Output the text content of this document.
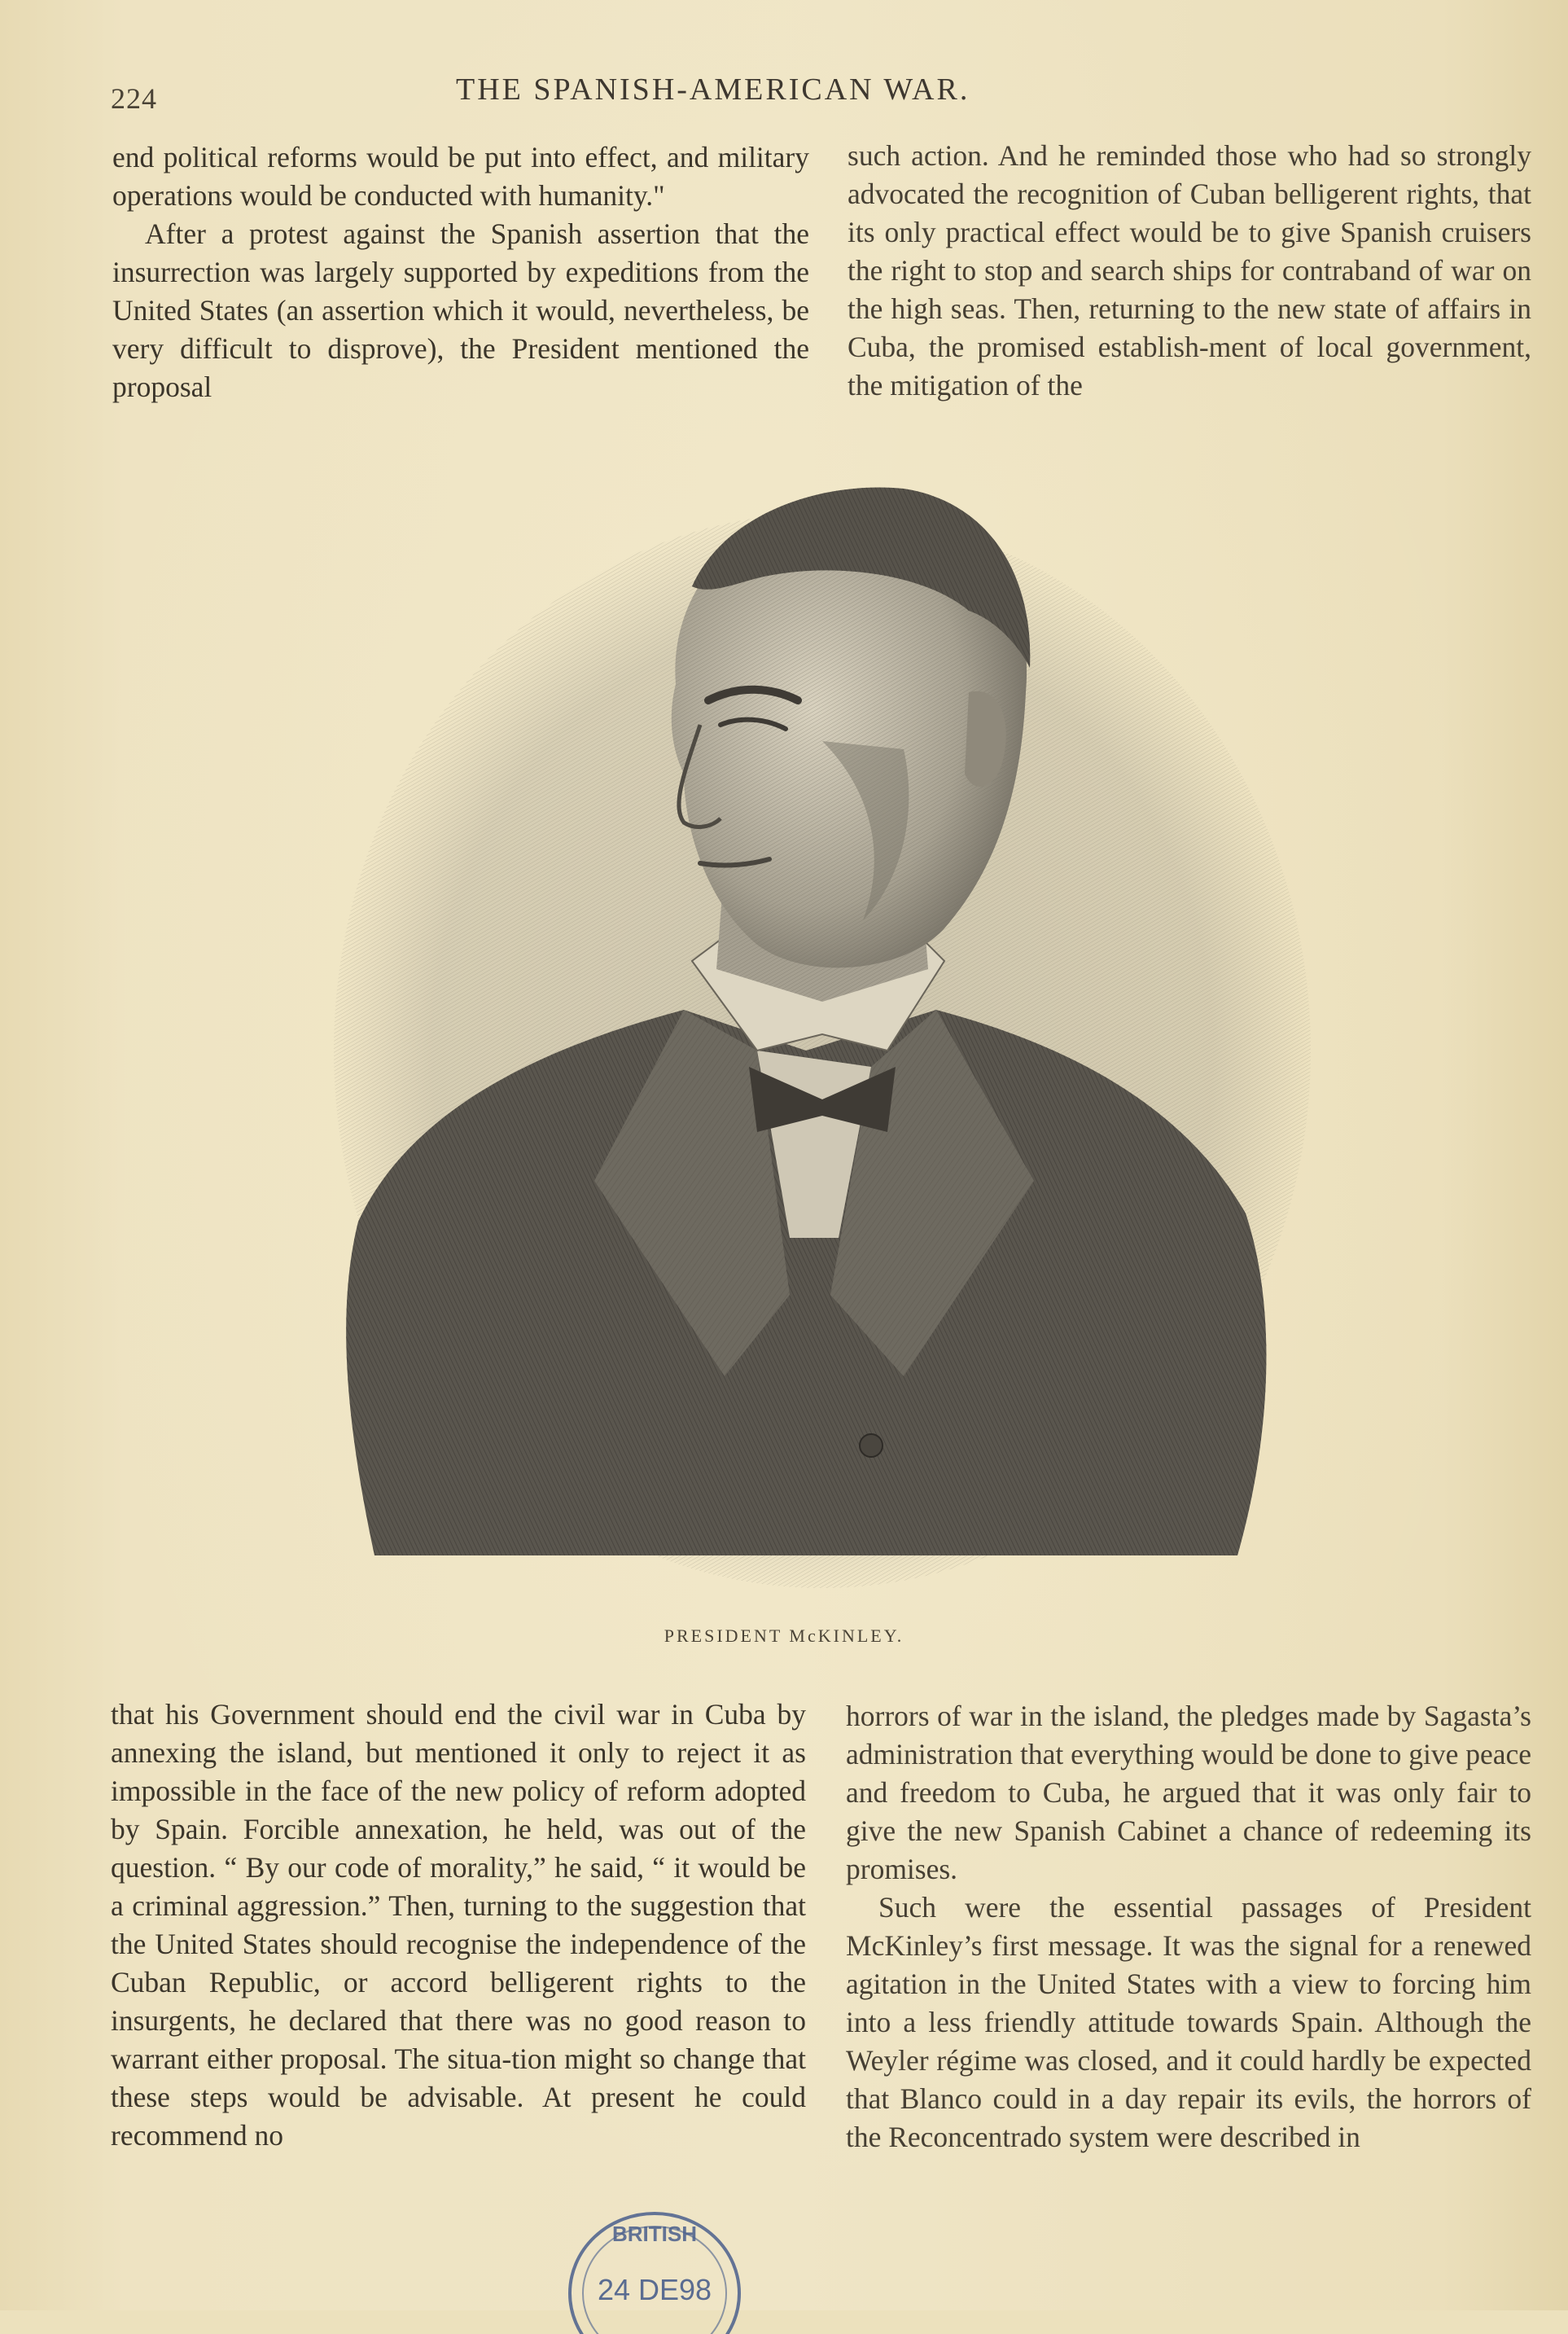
224	THE SPANISH-AMERICAN WAR.

end political reforms would be put into effect, and military operations would be conducted with humanity."

After a protest against the Spanish assertion that the insurrection was largely supported by expeditions from the United States (an assertion which it would, nevertheless, be very difficult to disprove), the President mentioned the proposal

such action. And he reminded those who had so strongly advocated the recognition of Cuban belligerent rights, that its only practical effect would be to give Spanish cruisers the right to stop and search ships for contraband of war on the high seas. Then, returning to the new state of affairs in Cuba, the promised establish-ment of local government, the mitigation of the

PRESIDENT McKINLEY.

that his Government should end the civil war in Cuba by annexing the island, but mentioned it only to reject it as impossible in the face of the new policy of reform adopted by Spain. Forcible annexation, he held, was out of the question. “ By our code of morality,” he said, “ it would be a criminal aggression.” Then, turning to the suggestion that the United States should recognise the independence of the Cuban Republic, or accord belligerent rights to the insurgents, he declared that there was no good reason to warrant either proposal. The situa-tion might so change that these steps would be advisable. At present he could recommend no

horrors of war in the island, the pledges made by Sagasta’s administration that everything would be done to give peace and freedom to Cuba, he argued that it was only fair to give the new Spanish Cabinet a chance of redeeming its promises.

Such were the essential passages of President McKinley’s first message. It was the signal for a renewed agitation in the United States with a view to forcing him into a less friendly attitude towards Spain. Although the Weyler régime was closed, and it could hardly be expected that Blanco could in a day repair its evils, the horrors of the Reconcentrado system were described in

BRITISH
24 DE98
